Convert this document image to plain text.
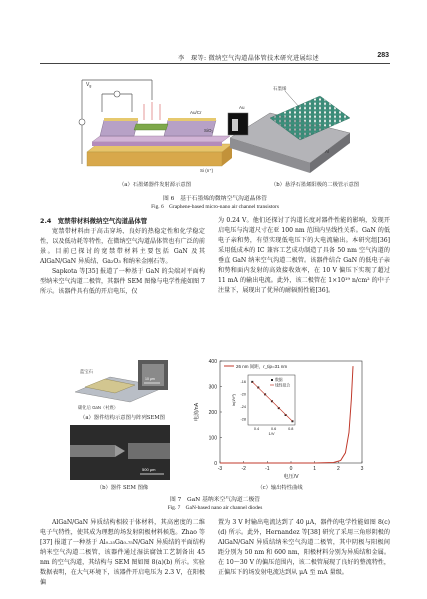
李　琛等: 微纳空气沟道晶体管技术研究进展综述	283
$V_g$
Au/Cr
SiO₂
Si (n⁺)
石墨烯
Au
Al
（a）石墨烯器件发射源示意图	（b）悬浮石墨烯阳极的二极管示意图
图 6　基于石墨烯的微纳空气沟道晶体管
Fig. 6　Graphene-based micro-nano air channel transistors
2.4　宽禁带材料微纳空气沟道晶体管

宽禁带材料由于高击穿场、良好的热稳定性和化学稳定性，以及低功耗等特性，在微纳空气沟道晶体管也有广泛的前景。目前已探讨的宽禁带材料主要包括 GaN 及其 AlGaN/GaN 异质结、Ga₂O₃ 和纳米金刚石等。

Sapkota 等[35] 报道了一种基于 GaN 的尖端对平面构型纳米空气沟道二极管，其器件 SEM 图像与电学性能如图 7 所示。该器件具有低的开启电压，仅

为 0.24 V。他们还探讨了沟道长度对器件性能的影响，发现开启电压与沟道尺寸在亚 100 nm 范围内呈线性关系。GaN 的低电子亲和势，有望实现低电压下的大电流输出。本研究组[36] 采用低成本的 IC 兼容工艺成功制造了具备 50 nm 空气沟道的垂直 GaN 纳米空气沟道二极管。该器件结合 GaN 的低电子亲和势和面内发射的高效接收效率，在 10 V 偏压下实现了超过 11 mA 的输出电流。此外，该二极管在 1×10¹⁹ n/cm² 的中子注量下，展现出了优异的耐辐照性能[36]。

蓝宝石
碳化后 GaN（衬底）
10 μm
（a）器件结构示意图与阵列SEM图
500 μm
（b）器件 SEM 图像
-3	-2	-1	0	1	2	3
0
100
200
300
400
电压/V
电流/nA
26 nm 间距，r_tip=31 nm
0.4	0.6	0.8
-16
-20
-24
-28
1/V
ln(I/V²)
数据
线性拟合
（c）输出特性曲线
图 7　GaN 基纳米空气沟道二极管
Fig. 7　GaN-based nano air channel diodes

AlGaN/GaN 异质结构相较于体材料，其高密度的二维电子气特性，使其成为理想的场发射阴极材料候选。Zhao 等[37] 报道了一种基于 Al₀.₂₅Ga₀.₇₅N/GaN 异质结的平面结构纳米空气沟道二极管，该器件通过湿法腐蚀工艺制备出 45 nm 的空气沟道，其结构与 SEM 图如图 8(a)(b) 所示。实验数据表明，在大气环境下，该器件开启电压为 2.3 V，在阳极偏

置为 3 V 时输出电流达到了 40 μA，器件的电学性能如图 8(c)(d) 所示。此外，Hernandez 等[38] 研究了采用三角形阴极的 AlGaN/GaN 异质结纳米空气沟道二极管，其中阴极与阳极间距分别为 50 nm 和 600 nm，阳极材料分别为异质结和金属。在 10～30 V 的偏压范围内，该二极管展现了良好的整流特性，正偏压下的场发射电流达到从 μA 至 mA 量级。
